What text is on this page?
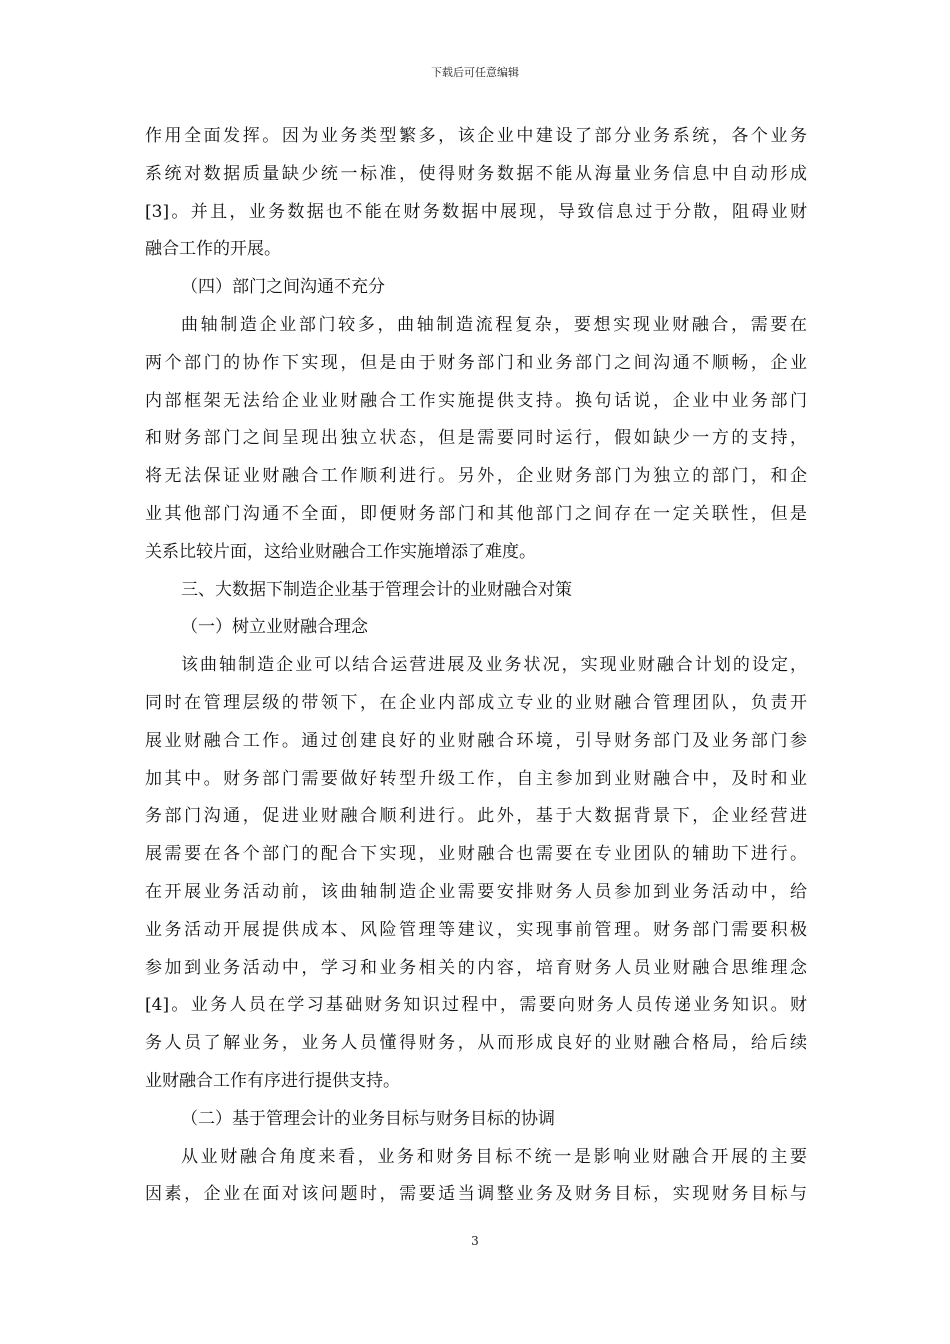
下载后可任意编辑
作用全面发挥。因为业务类型繁多，该企业中建设了部分业务系统，各个业务
系统对数据质量缺少统一标准，使得财务数据不能从海量业务信息中自动形成
[3]。并且，业务数据也不能在财务数据中展现，导致信息过于分散，阻碍业财
融合工作的开展。
（四）部门之间沟通不充分
曲轴制造企业部门较多，曲轴制造流程复杂，要想实现业财融合，需要在
两个部门的协作下实现，但是由于财务部门和业务部门之间沟通不顺畅，企业
内部框架无法给企业业财融合工作实施提供支持。换句话说，企业中业务部门
和财务部门之间呈现出独立状态，但是需要同时运行，假如缺少一方的支持，
将无法保证业财融合工作顺利进行。另外，企业财务部门为独立的部门，和企
业其他部门沟通不全面，即便财务部门和其他部门之间存在一定关联性，但是
关系比较片面，这给业财融合工作实施增添了难度。
三、大数据下制造企业基于管理会计的业财融合对策
（一）树立业财融合理念
该曲轴制造企业可以结合运营进展及业务状况，实现业财融合计划的设定，
同时在管理层级的带领下，在企业内部成立专业的业财融合管理团队，负责开
展业财融合工作。通过创建良好的业财融合环境，引导财务部门及业务部门参
加其中。财务部门需要做好转型升级工作，自主参加到业财融合中，及时和业
务部门沟通，促进业财融合顺利进行。此外，基于大数据背景下，企业经营进
展需要在各个部门的配合下实现，业财融合也需要在专业团队的辅助下进行。
在开展业务活动前，该曲轴制造企业需要安排财务人员参加到业务活动中，给
业务活动开展提供成本、风险管理等建议，实现事前管理。财务部门需要积极
参加到业务活动中，学习和业务相关的内容，培育财务人员业财融合思维理念
[4]。业务人员在学习基础财务知识过程中，需要向财务人员传递业务知识。财
务人员了解业务，业务人员懂得财务，从而形成良好的业财融合格局，给后续
业财融合工作有序进行提供支持。
（二）基于管理会计的业务目标与财务目标的协调
从业财融合角度来看，业务和财务目标不统一是影响业财融合开展的主要
因素，企业在面对该问题时，需要适当调整业务及财务目标，实现财务目标与
3
